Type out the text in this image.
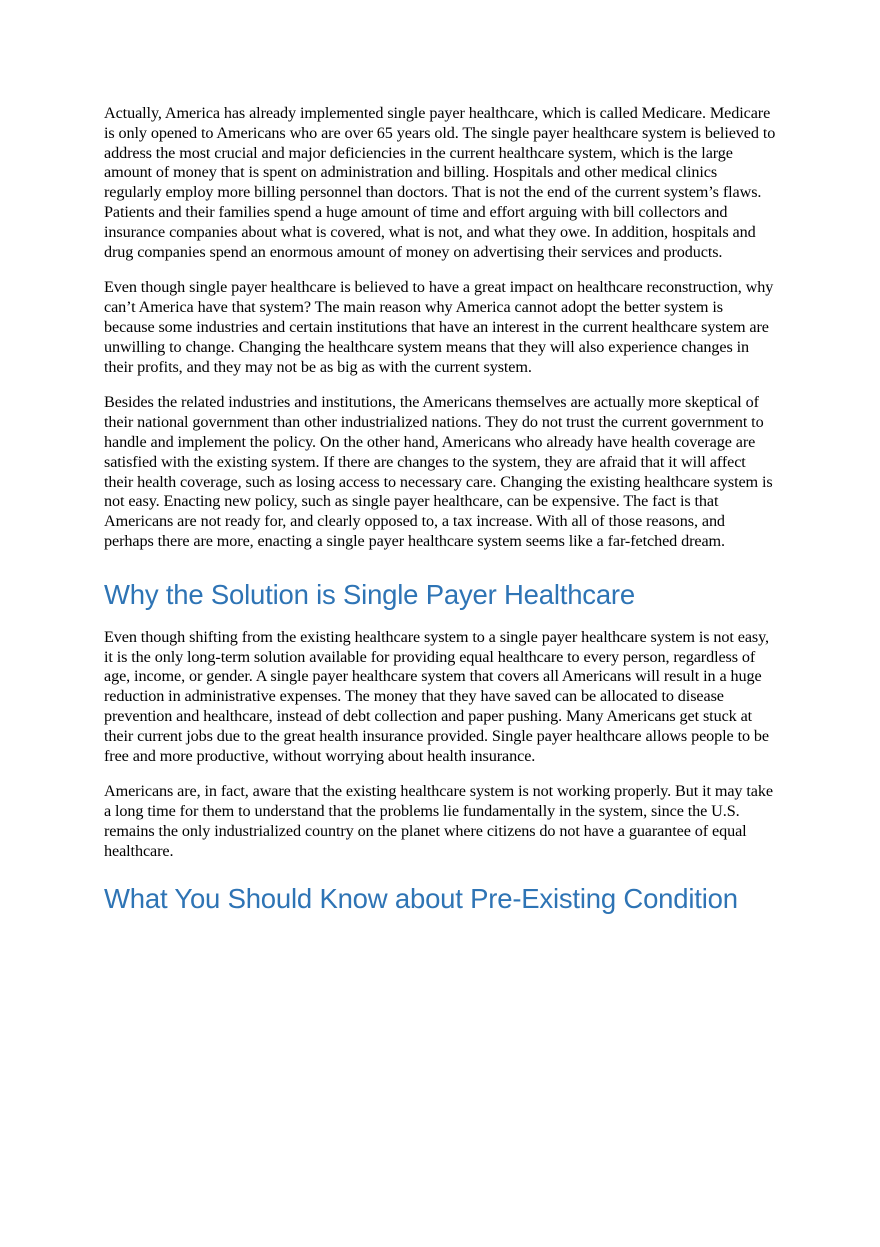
Actually, America has already implemented single payer healthcare, which is called Medicare. Medicare is only opened to Americans who are over 65 years old. The single payer healthcare system is believed to address the most crucial and major deficiencies in the current healthcare system, which is the large amount of money that is spent on administration and billing. Hospitals and other medical clinics regularly employ more billing personnel than doctors. That is not the end of the current system’s flaws. Patients and their families spend a huge amount of time and effort arguing with bill collectors and insurance companies about what is covered, what is not, and what they owe. In addition, hospitals and drug companies spend an enormous amount of money on advertising their services and products.

Even though single payer healthcare is believed to have a great impact on healthcare reconstruction, why can’t America have that system? The main reason why America cannot adopt the better system is because some industries and certain institutions that have an interest in the current healthcare system are unwilling to change. Changing the healthcare system means that they will also experience changes in their profits, and they may not be as big as with the current system.

Besides the related industries and institutions, the Americans themselves are actually more skeptical of their national government than other industrialized nations. They do not trust the current government to handle and implement the policy. On the other hand, Americans who already have health coverage are satisfied with the existing system. If there are changes to the system, they are afraid that it will affect their health coverage, such as losing access to necessary care. Changing the existing healthcare system is not easy. Enacting new policy, such as single payer healthcare, can be expensive. The fact is that Americans are not ready for, and clearly opposed to, a tax increase. With all of those reasons, and perhaps there are more, enacting a single payer healthcare system seems like a far-fetched dream.

Why the Solution is Single Payer Healthcare

Even though shifting from the existing healthcare system to a single payer healthcare system is not easy, it is the only long-term solution available for providing equal healthcare to every person, regardless of age, income, or gender. A single payer healthcare system that covers all Americans will result in a huge reduction in administrative expenses. The money that they have saved can be allocated to disease prevention and healthcare, instead of debt collection and paper pushing. Many Americans get stuck at their current jobs due to the great health insurance provided. Single payer healthcare allows people to be free and more productive, without worrying about health insurance.

Americans are, in fact, aware that the existing healthcare system is not working properly. But it may take a long time for them to understand that the problems lie fundamentally in the system, since the U.S. remains the only industrialized country on the planet where citizens do not have a guarantee of equal healthcare.

What You Should Know about Pre-Existing Condition
